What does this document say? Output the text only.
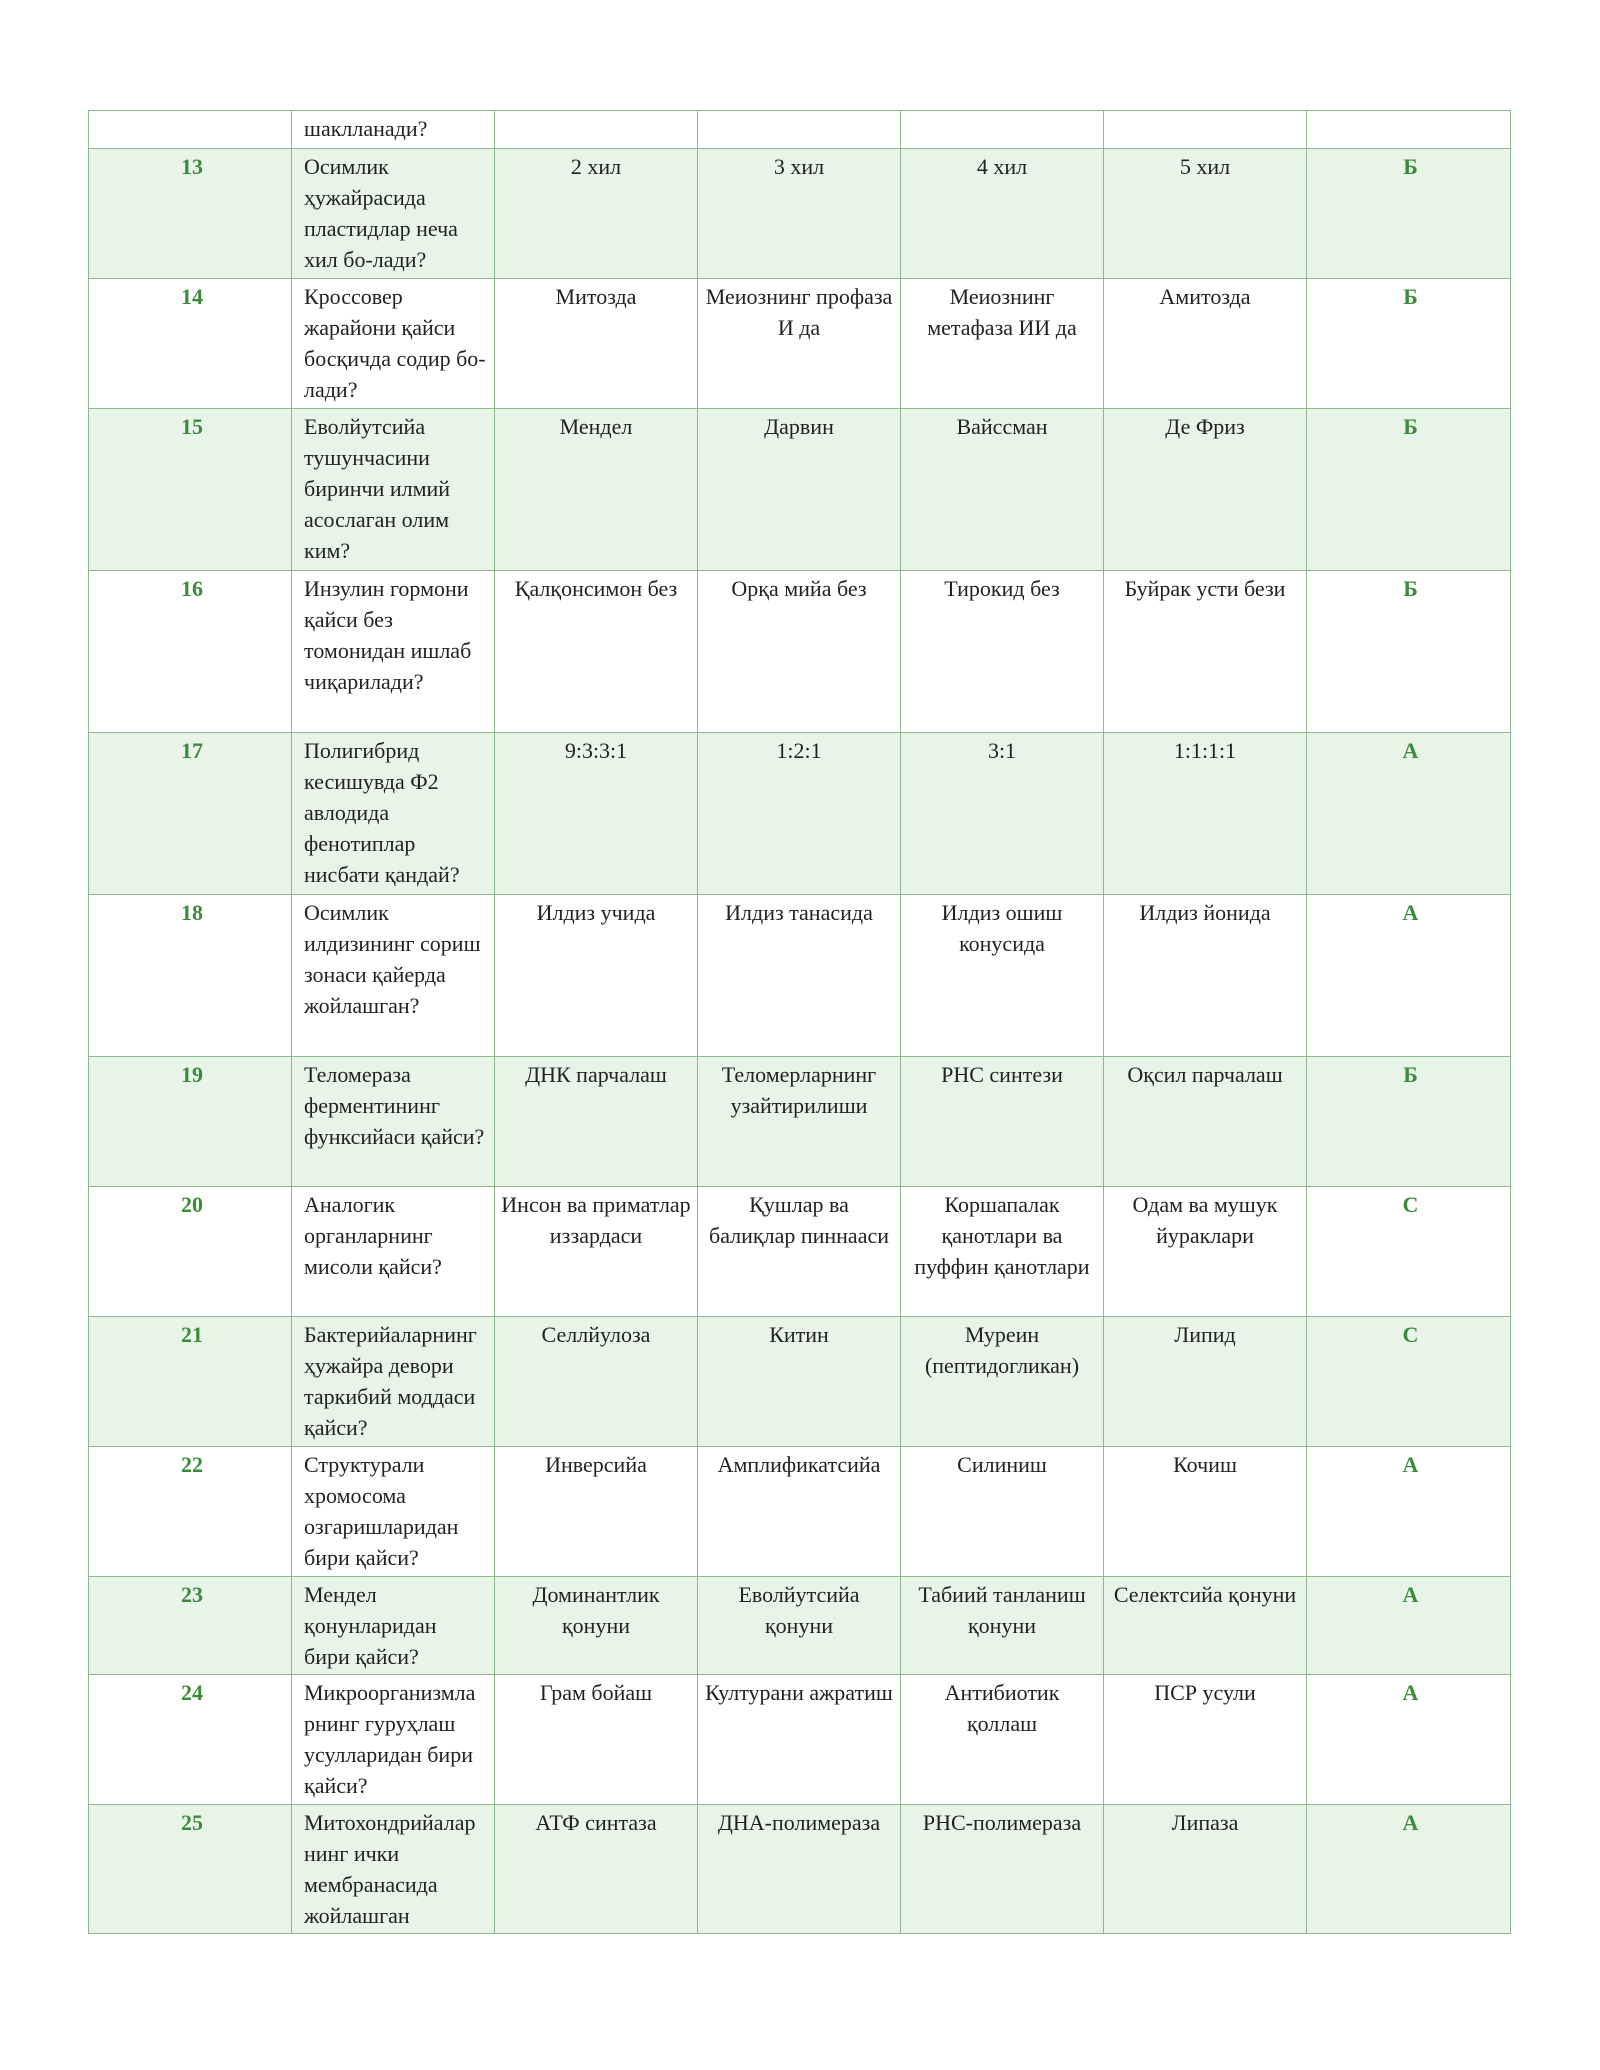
	шаклланади?					
13	Осимлик ҳужайрасида пластидлар неча хил бо-лади?	2 хил	3 хил	4 хил	5 хил	Б
14	Кроссовер жарайони қайси босқичда содир бо-лади?	Митозда	Меиознинг профаза И да	Меиознинг метафаза ИИ да	Амитозда	Б
15	Еволйутсийа тушунчасини биринчи илмий асослаган олим ким?	Мендел	Дарвин	Вайссман	Де Фриз	Б
16	Инзулин гормони қайси без томонидан ишлаб чиқарилади?	Қалқонсимон без	Орқа мийа без	Тирокид без	Буйрак усти бези	Б
17	Полигибрид кесишувда Ф2 авлодида фенотиплар нисбати қандай?	9:3:3:1	1:2:1	3:1	1:1:1:1	А
18	Осимлик илдизининг сориш зонаси қайерда жойлашган?	Илдиз учида	Илдиз танасида	Илдиз ошиш конусида	Илдиз йонида	А
19	Теломераза ферментининг функсийаси қайси?	ДНК парчалаш	Теломерларнинг узайтирилиши	РНС синтези	Оқсил парчалаш	Б
20	Аналогик органларнинг мисоли қайси?	Инсон ва приматлар иззардаси	Қушлар ва балиқлар пиннааси	Коршапалак қанотлари ва пуффин қанотлари	Одам ва мушук йураклари	С
21	Бактерийаларнинг ҳужайра девори таркибий моддаси қайси?	Селлйулоза	Китин	Муреин (пептидогликан)	Липид	С
22	Структурали хромосома озгаришларидан бири қайси?	Инверсийа	Амплификатсийа	Силиниш	Кочиш	А
23	Мендел қонунларидан бири қайси?	Доминантлик қонуни	Еволйутсийа қонуни	Табиий танланиш қонуни	Селектсийа қонуни	А
24	Микроорганизмларнинг гуруҳлаш усулларидан бири қайси?	Грам бойаш	Културани ажратиш	Антибиотик қоллаш	ПСР усули	А
25	Митохондрийаларнинг ички мембранасида жойлашган	АТФ синтаза	ДНА-полимераза	РНС-полимераза	Липаза	А
